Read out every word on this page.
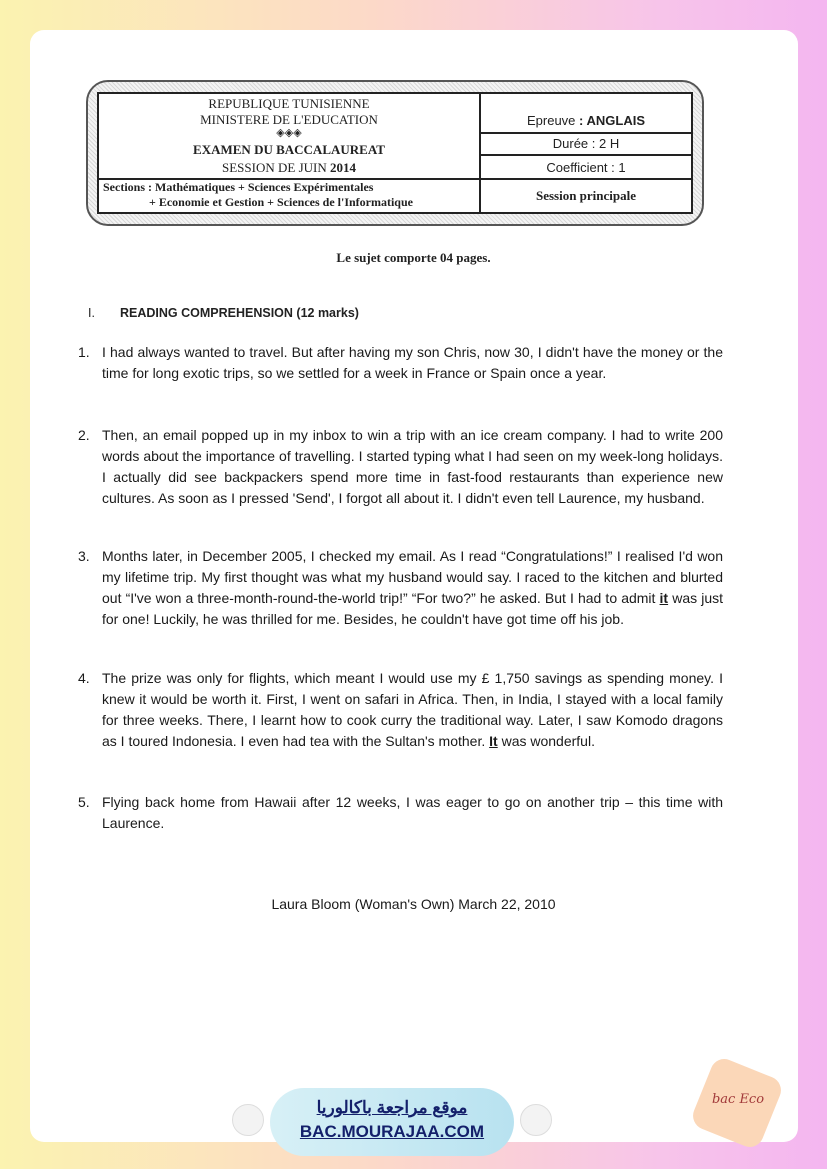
REPUBLIQUE TUNISIENNE
MINISTERE DE L'EDUCATION
◈◈◈
EXAMEN DU BACCALAUREAT
SESSION DE JUIN 2014
Sections : Mathématiques + Sciences Expérimentales
+ Economie et Gestion + Sciences de l'Informatique
Epreuve : ANGLAIS
Durée : 2 H
Coefficient : 1
Session principale
Le sujet comporte 04 pages.
I. READING COMPREHENSION (12 marks)
1. I had always wanted to travel. But after having my son Chris, now 30, I didn't have the money or the time for long exotic trips, so we settled for a week in France or Spain once a year.
2. Then, an email popped up in my inbox to win a trip with an ice cream company. I had to write 200 words about the importance of travelling. I started typing what I had seen on my week-long holidays. I actually did see backpackers spend more time in fast-food restaurants than experience new cultures. As soon as I pressed 'Send', I forgot all about it. I didn't even tell Laurence, my husband.
3. Months later, in December 2005, I checked my email. As I read “Congratulations!” I realised I'd won my lifetime trip. My first thought was what my husband would say. I raced to the kitchen and blurted out “I've won a three-month-round-the-world trip!” “For two?” he asked. But I had to admit it was just for one! Luckily, he was thrilled for me. Besides, he couldn't have got time off his job.
4. The prize was only for flights, which meant I would use my £ 1,750 savings as spending money. I knew it would be worth it. First, I went on safari in Africa. Then, in India, I stayed with a local family for three weeks. There, I learnt how to cook curry the traditional way. Later, I saw Komodo dragons as I toured Indonesia. I even had tea with the Sultan's mother. It was wonderful.
5. Flying back home from Hawaii after 12 weeks, I was eager to go on another trip – this time with Laurence.
Laura Bloom (Woman's Own) March 22, 2010
موقع مراجعة باكالوريا
BAC.MOURAJAA.COM
bac Eco
